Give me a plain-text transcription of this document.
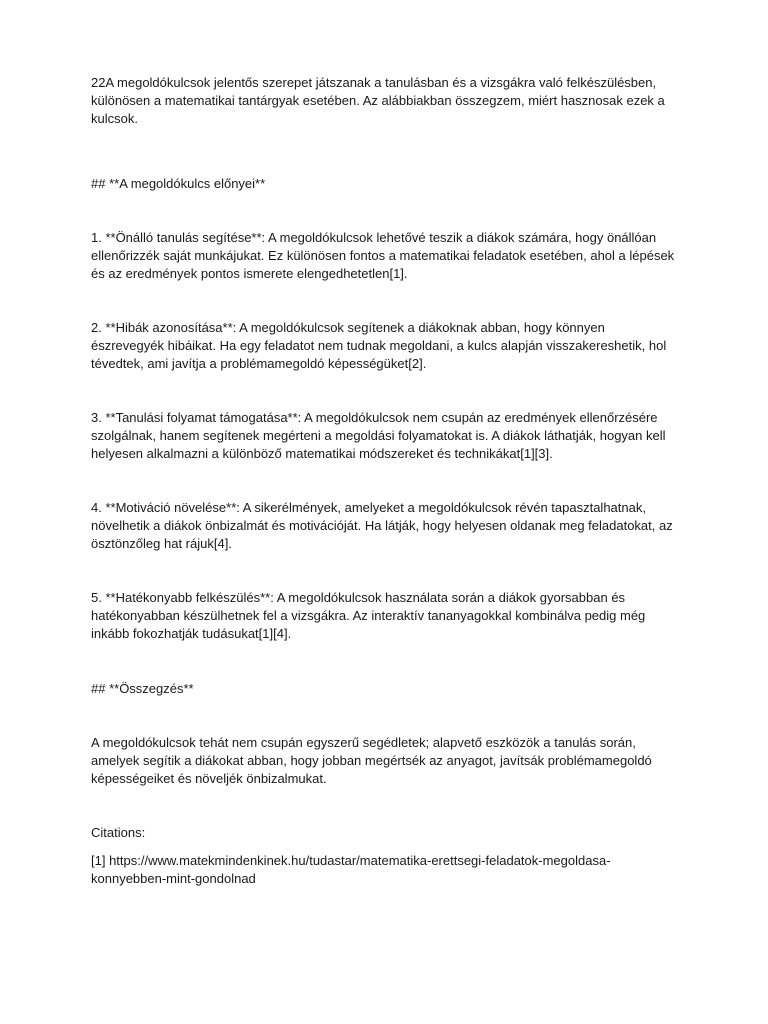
22A megoldókulcsok jelentős szerepet játszanak a tanulásban és a vizsgákra való felkészülésben, különösen a matematikai tantárgyak esetében. Az alábbiakban összegzem, miért hasznosak ezek a kulcsok.

## **A megoldókulcs előnyei**

1. **Önálló tanulás segítése**: A megoldókulcsok lehetővé teszik a diákok számára, hogy önállóan ellenőrizzék saját munkájukat. Ez különösen fontos a matematikai feladatok esetében, ahol a lépések és az eredmények pontos ismerete elengedhetetlen[1].

2. **Hibák azonosítása**: A megoldókulcsok segítenek a diákoknak abban, hogy könnyen észrevegyék hibáikat. Ha egy feladatot nem tudnak megoldani, a kulcs alapján visszakereshetik, hol tévedtek, ami javítja a problémamegoldó képességüket[2].

3. **Tanulási folyamat támogatása**: A megoldókulcsok nem csupán az eredmények ellenőrzésére szolgálnak, hanem segítenek megérteni a megoldási folyamatokat is. A diákok láthatják, hogyan kell helyesen alkalmazni a különböző matematikai módszereket és technikákat[1][3].

4. **Motiváció növelése**: A sikerélmények, amelyeket a megoldókulcsok révén tapasztalhatnak, növelhetik a diákok önbizalmát és motivációját. Ha látják, hogy helyesen oldanak meg feladatokat, az ösztönzőleg hat rájuk[4].

5. **Hatékonyabb felkészülés**: A megoldókulcsok használata során a diákok gyorsabban és hatékonyabban készülhetnek fel a vizsgákra. Az interaktív tananyagokkal kombinálva pedig még inkább fokozhatják tudásukat[1][4].

## **Összegzés**

A megoldókulcsok tehát nem csupán egyszerű segédletek; alapvető eszközök a tanulás során, amelyek segítik a diákokat abban, hogy jobban megértsék az anyagot, javítsák problémamegoldó képességeiket és növeljék önbizalmukat.

Citations:

[1] https://www.matekmindenkinek.hu/tudastar/matematika-erettsegi-feladatok-megoldasa-konnyebben-mint-gondolnad
